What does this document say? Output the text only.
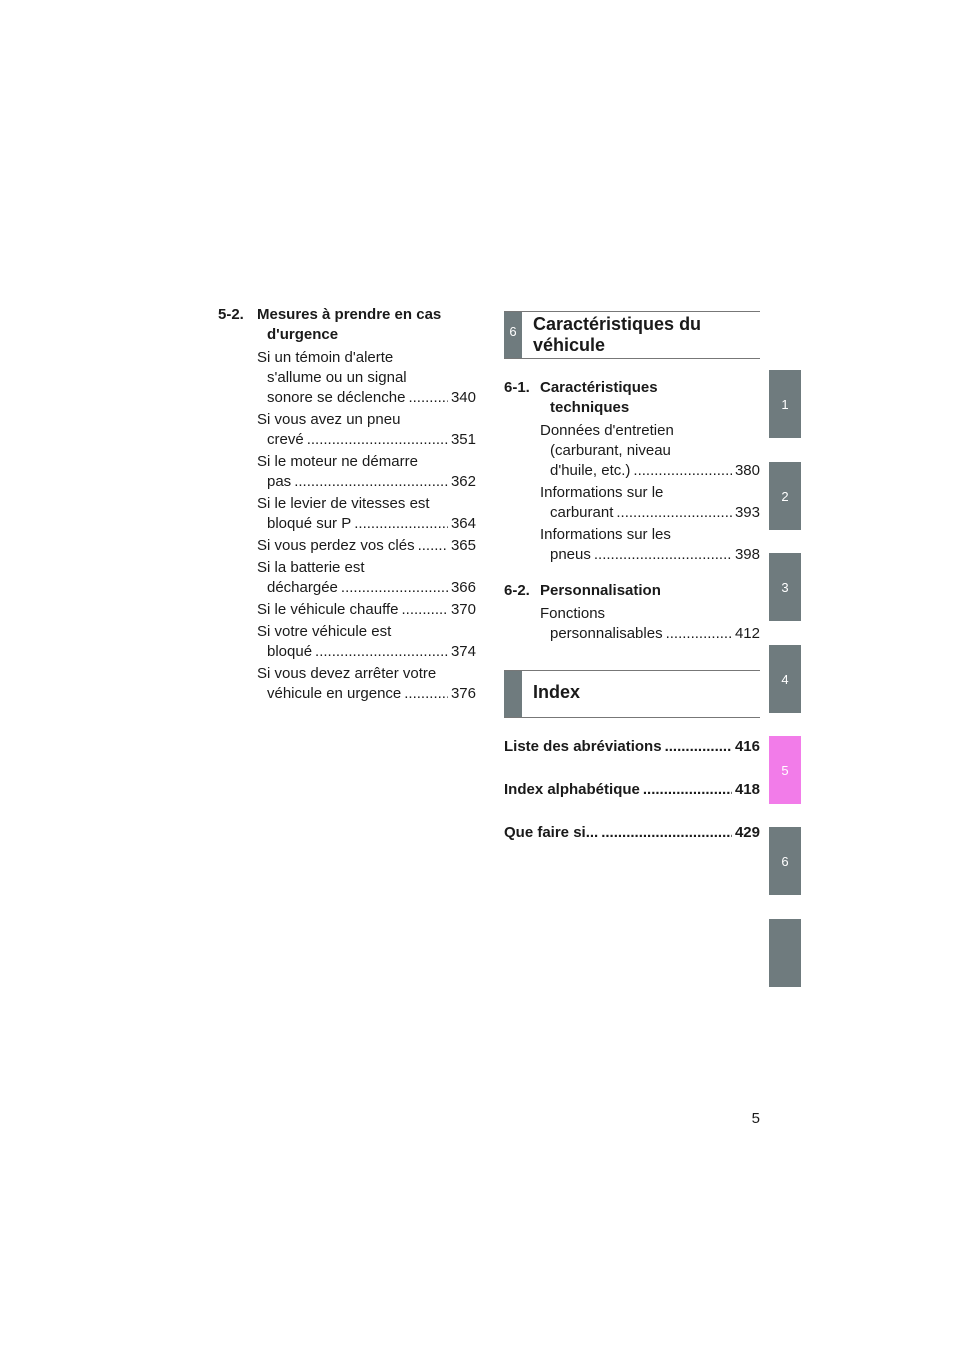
5-2. Mesures à prendre en cas
d'urgence
Si un témoin d'alerte
s'allume ou un signal
sonore se déclenche .....	340
Si vous avez un pneu
crevé .....	351
Si le moteur ne démarre
pas .....	362
Si le levier de vitesses est
bloqué sur P .....	364
Si vous perdez vos clés ..... 365
Si la batterie est
déchargée .....	366
Si le véhicule chauffe .....	370
Si votre véhicule est
bloqué .....	374
Si vous devez arrêter votre
véhicule en urgence .....	376
6 Caractéristiques du
véhicule
6-1. Caractéristiques
techniques
Données d'entretien
(carburant, niveau
d'huile, etc.) .....	380
Informations sur le
carburant .....	393
Informations sur les
pneus .....	398
6-2. Personnalisation
Fonctions
personnalisables .....	412
Index
Liste des abréviations .....	416
Index alphabétique .....	418
Que faire si... .....	429
1
2
3
4
5
6
5
